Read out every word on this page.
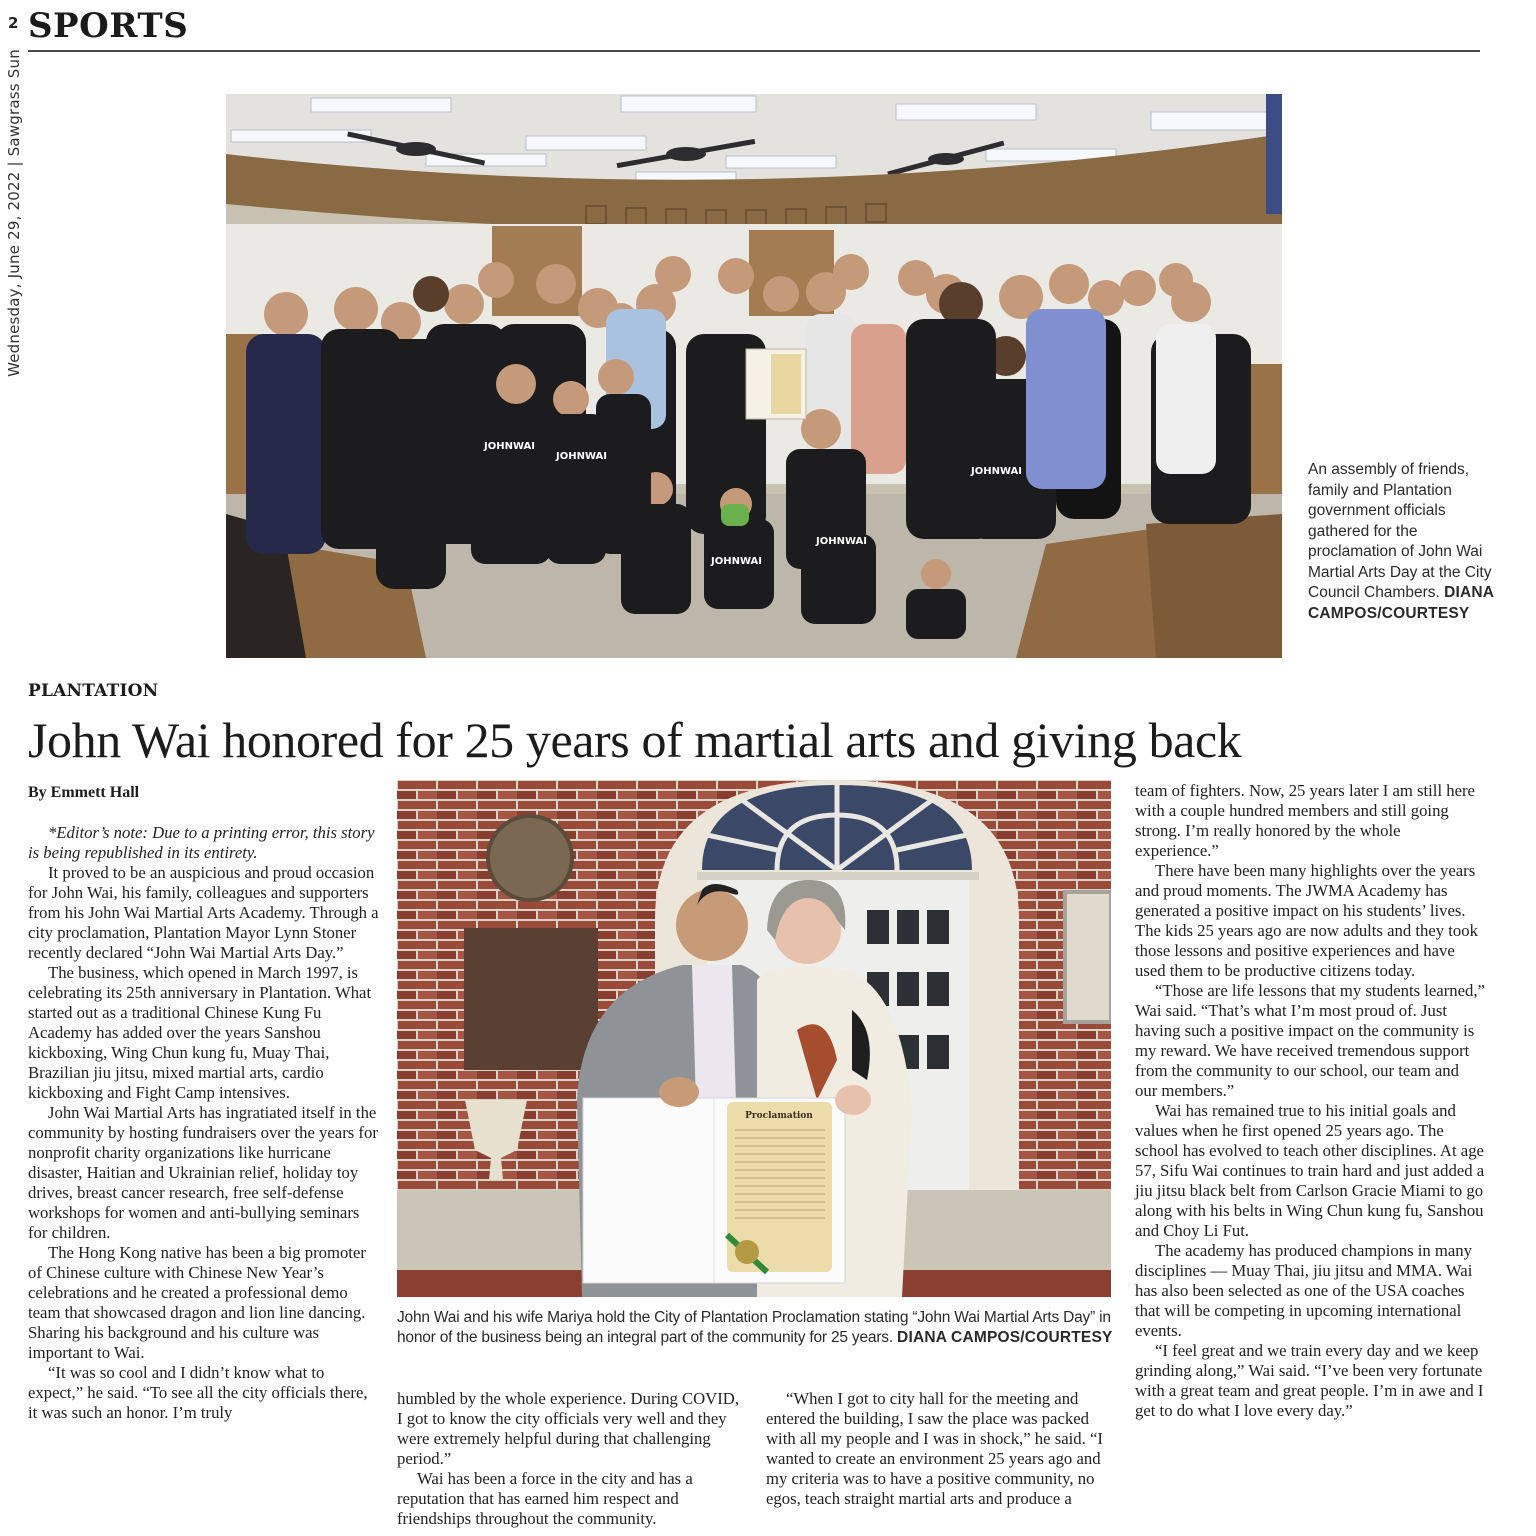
2
Wednesday, June 29, 2022 | Sawgrass Sun
SPORTS
JOHNWAI
JOHNWAI
JOHNWAI
JOHNWAI
JOHNWAI
An assembly of friends, family and Plantation government officials gathered for the proclamation of John Wai Martial Arts Day at the City Council Chambers. DIANA CAMPOS/COURTESY
PLANTATION
John Wai honored for 25 years of martial arts and giving back
By Emmett Hall

*Editor’s note: Due to a printing error, this story is being republished in its entirety.

It proved to be an auspicious and proud occasion for John Wai, his family, colleagues and supporters from his John Wai Martial Arts Academy. Through a city proclamation, Plantation Mayor Lynn Stoner recently declared “John Wai Martial Arts Day.”

The business, which opened in March 1997, is celebrating its 25th anniversary in Plantation. What started out as a traditional Chinese Kung Fu Academy has added over the years Sanshou kickboxing, Wing Chun kung fu, Muay Thai, Brazilian jiu jitsu, mixed martial arts, cardio kickboxing and Fight Camp intensives.

John Wai Martial Arts has ingratiated itself in the community by hosting fundraisers over the years for nonprofit charity organizations like hurricane disaster, Haitian and Ukrainian relief, holiday toy drives, breast cancer research, free self-defense workshops for women and anti-bullying seminars for children.

The Hong Kong native has been a big promoter of Chinese culture with Chinese New Year’s celebrations and he created a professional demo team that showcased dragon and lion line dancing. Sharing his background and his culture was important to Wai.

“It was so cool and I didn’t know what to expect,” he said. “To see all the city officials there, it was such an honor. I’m truly

Proclamation
John Wai and his wife Mariya hold the City of Plantation Proclamation stating “John Wai Martial Arts Day” in honor of the business being an integral part of the community for 25 years. DIANA CAMPOS/COURTESY

humbled by the whole experience. During COVID, I got to know the city officials very well and they were extremely helpful during that challenging period.”

Wai has been a force in the city and has a reputation that has earned him respect and friendships throughout the community.

“When I got to city hall for the meeting and entered the building, I saw the place was packed with all my people and I was in shock,” he said. “I wanted to create an environment 25 years ago and my criteria was to have a positive community, no egos, teach straight martial arts and produce a

team of fighters. Now, 25 years later I am still here with a couple hundred members and still going strong. I’m really honored by the whole experience.”

There have been many highlights over the years and proud moments. The JWMA Academy has generated a positive impact on his students’ lives. The kids 25 years ago are now adults and they took those lessons and positive experiences and have used them to be productive citizens today.

“Those are life lessons that my students learned,” Wai said. “That’s what I’m most proud of. Just having such a positive impact on the community is my reward. We have received tremendous support from the community to our school, our team and our members.”

Wai has remained true to his initial goals and values when he first opened 25 years ago. The school has evolved to teach other disciplines. At age 57, Sifu Wai continues to train hard and just added a jiu jitsu black belt from Carlson Gracie Miami to go along with his belts in Wing Chun kung fu, Sanshou and Choy Li Fut.

The academy has produced champions in many disciplines — Muay Thai, jiu jitsu and MMA. Wai has also been selected as one of the USA coaches that will be competing in upcoming international events.

“I feel great and we train every day and we keep grinding along,” Wai said. “I’ve been very fortunate with a great team and great people. I’m in awe and I get to do what I love every day.”
